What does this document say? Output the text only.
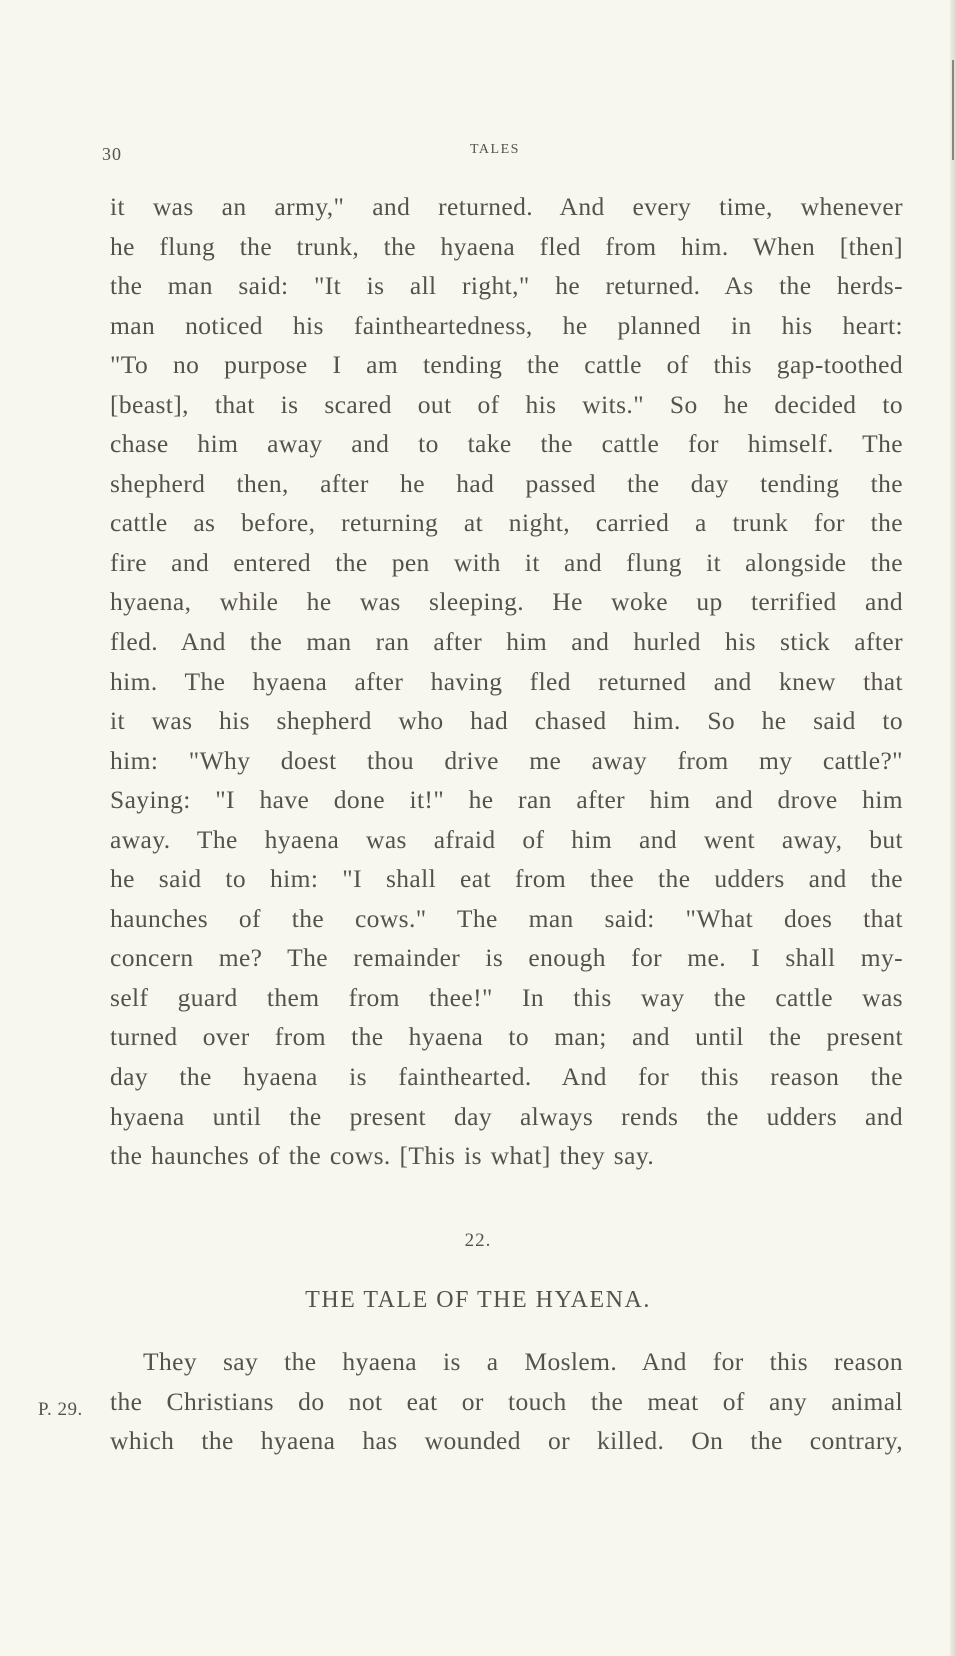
30	TALES
it was an army," and returned. And every time, whenever
he flung the trunk, the hyaena fled from him. When [then]
the man said: "It is all right," he returned. As the herds-
man noticed his faintheartedness, he planned in his heart:
"To no purpose I am tending the cattle of this gap-toothed
[beast], that is scared out of his wits." So he decided to
chase him away and to take the cattle for himself. The
shepherd then, after he had passed the day tending the
cattle as before, returning at night, carried a trunk for the
fire and entered the pen with it and flung it alongside the
hyaena, while he was sleeping. He woke up terrified and
fled. And the man ran after him and hurled his stick after
him. The hyaena after having fled returned and knew that
it was his shepherd who had chased him. So he said to
him: "Why doest thou drive me away from my cattle?"
Saying: "I have done it!" he ran after him and drove him
away. The hyaena was afraid of him and went away, but
he said to him: "I shall eat from thee the udders and the
haunches of the cows." The man said: "What does that
concern me? The remainder is enough for me. I shall my-
self guard them from thee!" In this way the cattle was
turned over from the hyaena to man; and until the present
day the hyaena is fainthearted. And for this reason the
hyaena until the present day always rends the udders and
the haunches of the cows. [This is what] they say.
22.
THE TALE OF THE HYAENA.
P. 29.
They say the hyaena is a Moslem. And for this reason
the Christians do not eat or touch the meat of any animal
which the hyaena has wounded or killed. On the contrary,
